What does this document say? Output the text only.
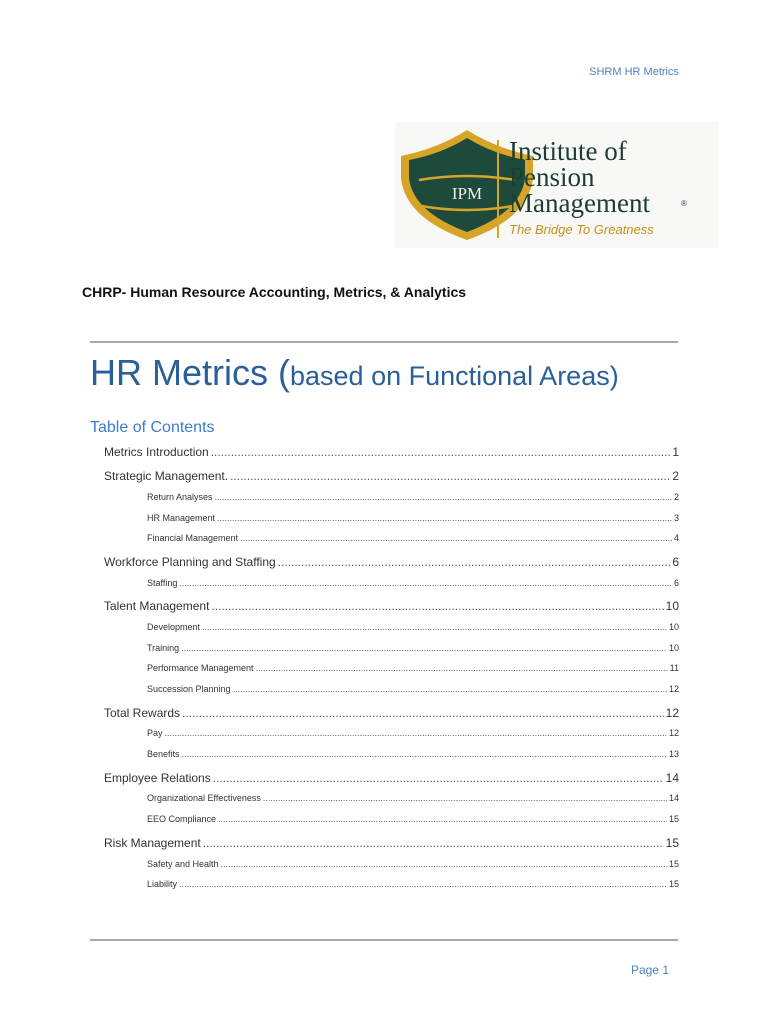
SHRM HR Metrics
IPM
Institute of
Pension
Management	®
The Bridge To Greatness
CHRP- Human Resource Accounting, Metrics, & Analytics
HR Metrics (based on Functional Areas)
Table of Contents
Metrics Introduction .....	1
Strategic Management. .....	2
Return Analyses .....	2
HR Management .....	3
Financial Management .....	4
Workforce Planning and Staffing .....	6
Staffing .....	6
Talent Management .....	10
Development .....	10
Training .....	10
Performance Management .....	11
Succession Planning .....	12
Total Rewards .....	12
Pay .....	12
Benefits .....	13
Employee Relations .....	14
Organizational Effectiveness .....	14
EEO Compliance .....	15
Risk Management .....	15
Safety and Health .....	15
Liability .....	15
Page 1
